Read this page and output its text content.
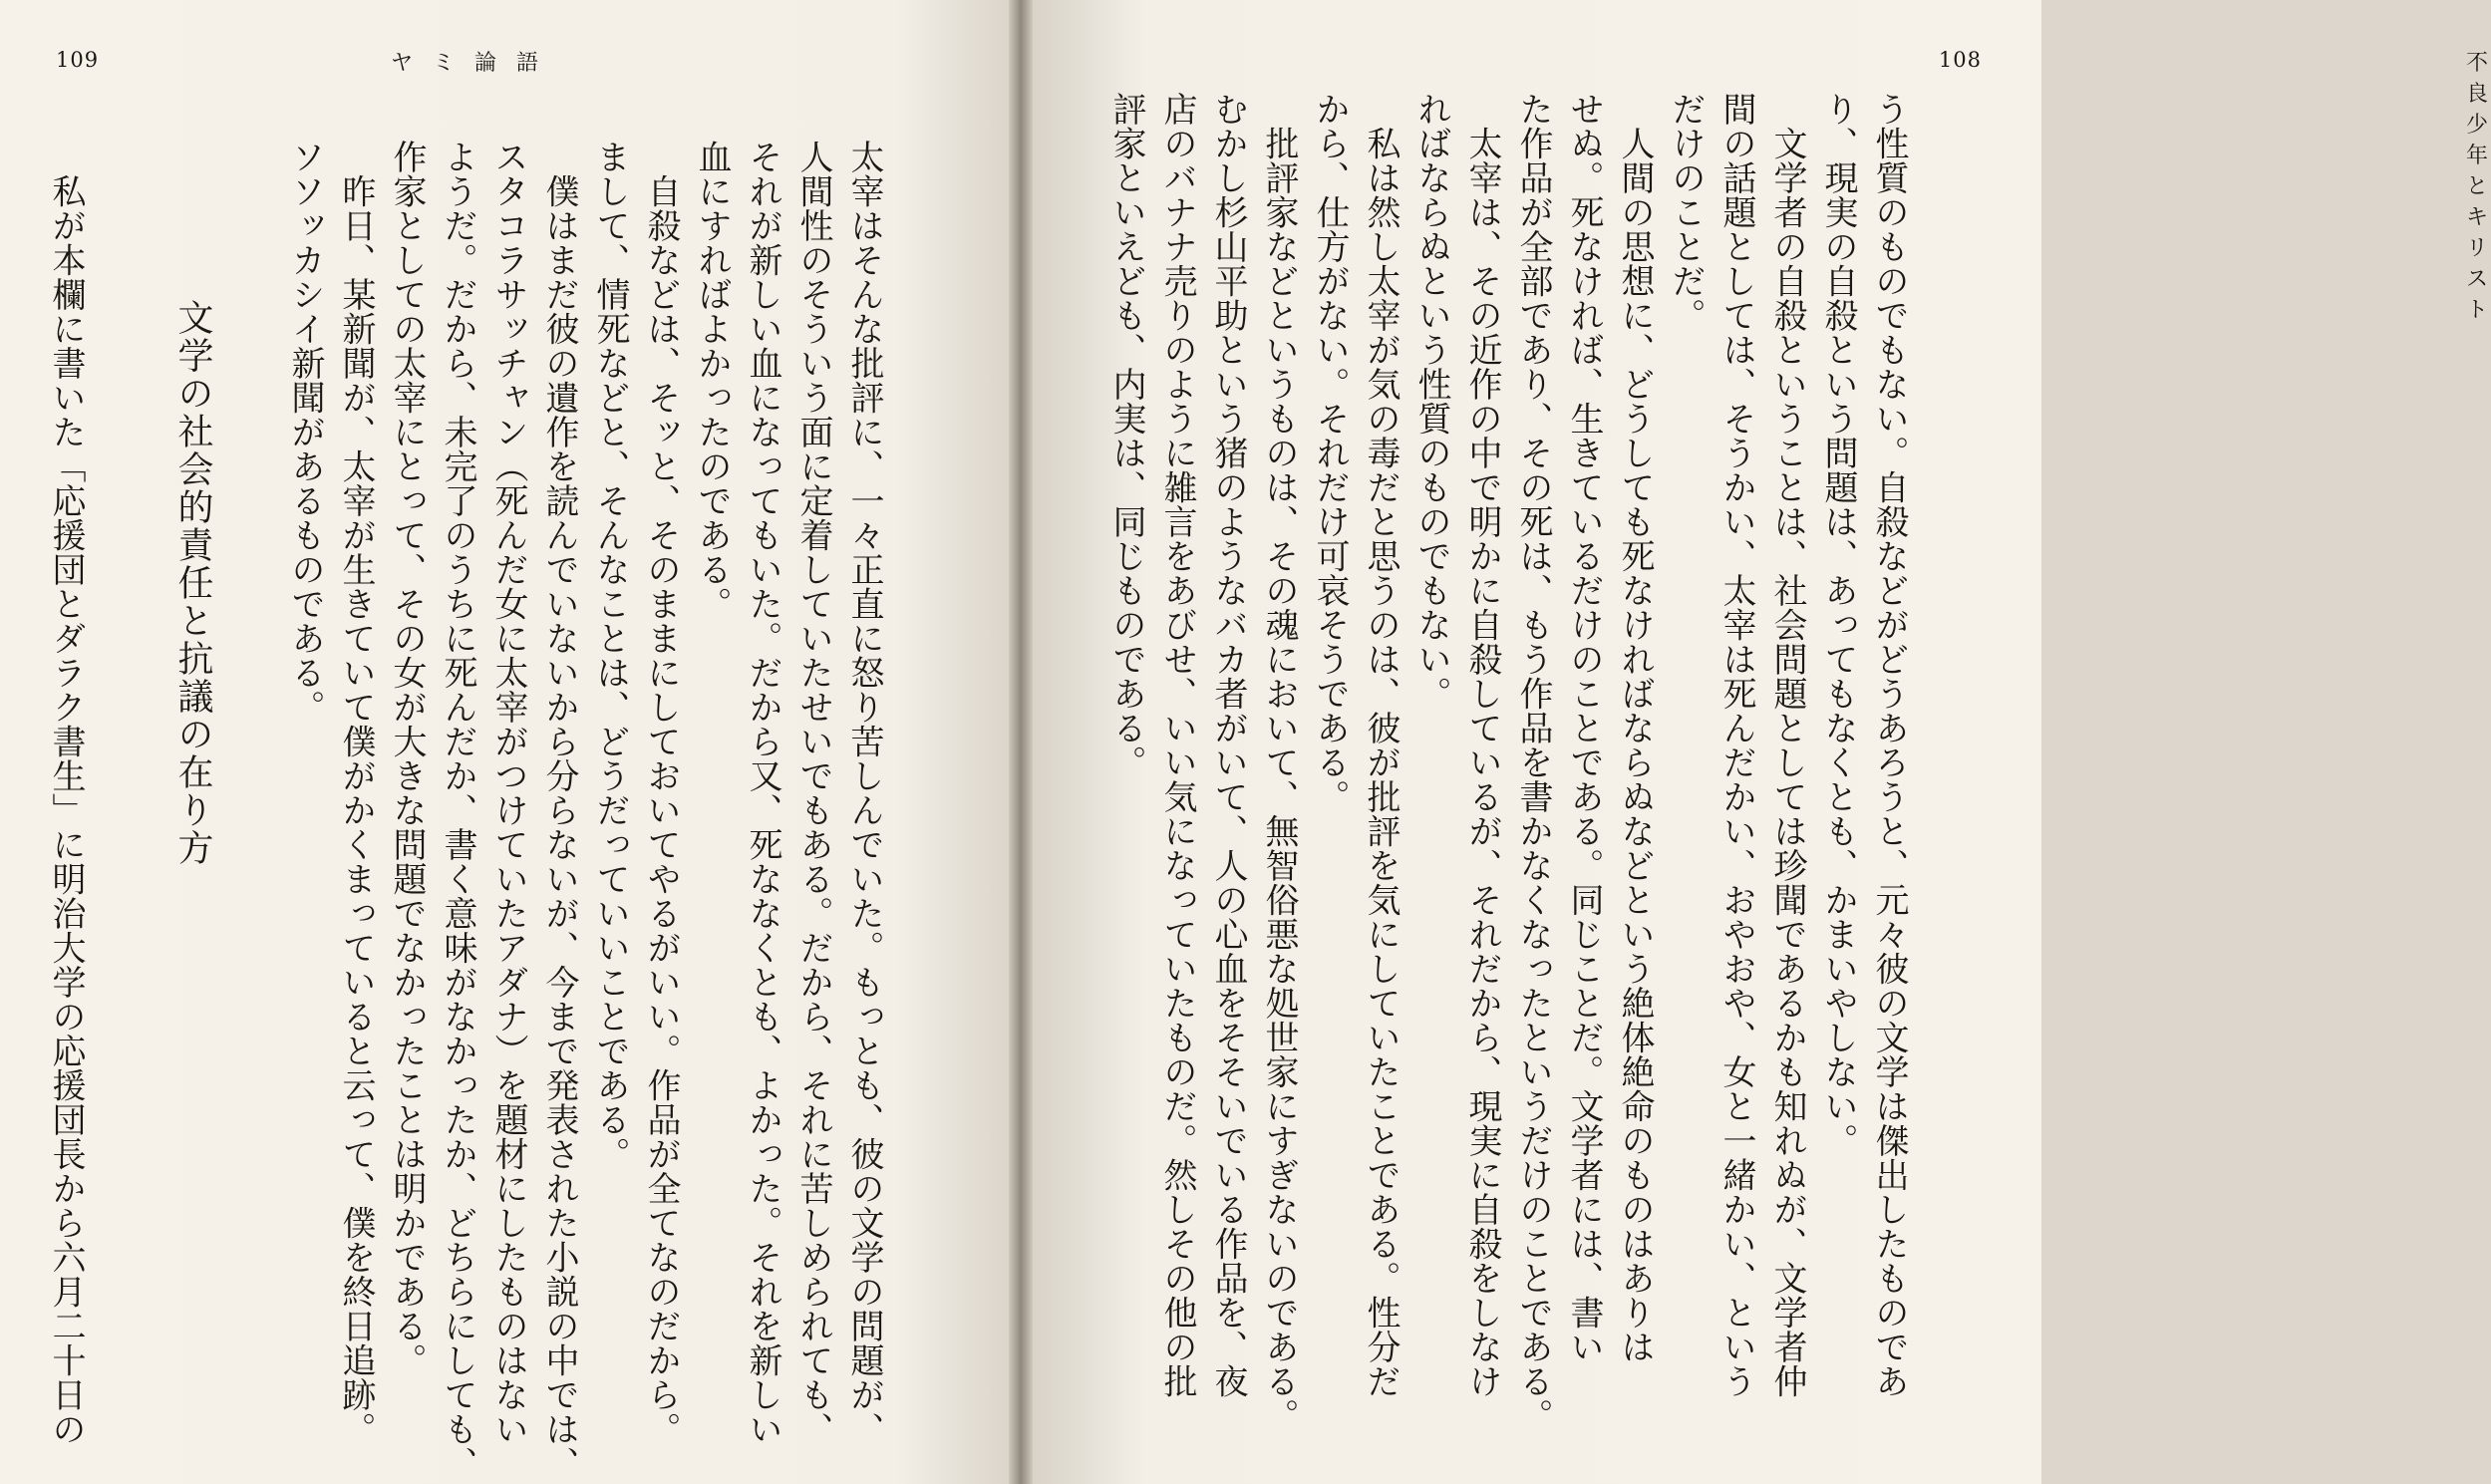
109	ヤミ論語

太宰はそんな批評に、一々正直に怒り苦しんでいた。もっとも、彼の文学の問題が、

人間性のそういう面に定着していたせいでもある。だから、それに苦しめられても、

それが新しい血になってもいた。だから又、死ななくとも、よかった。それを新しい

血にすればよかったのである。

　自殺などは、そッと、そのままにしておいてやるがいい。作品が全てなのだから。

まして、情死などと、そんなことは、どうだっていいことである。

　僕はまだ彼の遺作を読んでいないから分らないが、今まで発表された小説の中では、

スタコラサッチャン（死んだ女に太宰がつけていたアダナ）を題材にしたものはない

ようだ。だから、未完了のうちに死んだか、書く意味がなかったか、どちらにしても、

作家としての太宰にとって、その女が大きな問題でなかったことは明かである。

　昨日、某新聞が、太宰が生きていて僕がかくまっていると云って、僕を終日追跡。

ソソッカシイ新聞があるものである。

文学の社会的責任と抗議の在り方

　私が本欄に書いた「応援団とダラク書生」に明治大学の応援団長から六月二十日の

不良少年とキリスト
108

う性質のものでもない。自殺などがどうあろうと、元々彼の文学は傑出したものであ

り、現実の自殺という問題は、あってもなくとも、かまいやしない。

　文学者の自殺ということは、社会問題としては珍聞であるかも知れぬが、文学者仲

間の話題としては、そうかい、太宰は死んだかい、おやおや、女と一緒かい、という

だけのことだ。

　人間の思想に、どうしても死なければならぬなどという絶体絶命のものはありは

せぬ。死なければ、生きているだけのことである。同じことだ。文学者には、書い

た作品が全部であり、その死は、もう作品を書かなくなったというだけのことである。

　太宰は、その近作の中で明かに自殺しているが、それだから、現実に自殺をしなけ

ればならぬという性質のものでもない。

　私は然し太宰が気の毒だと思うのは、彼が批評を気にしていたことである。性分だ

から、仕方がない。それだけ可哀そうである。

　批評家などというものは、その魂において、無智俗悪な処世家にすぎないのである。

むかし杉山平助という猪のようなバカ者がいて、人の心血をそそいでいる作品を、夜

店のバナナ売りのように雑言をあびせ、いい気になっていたものだ。然しその他の批

評家といえども、内実は、同じものである。
